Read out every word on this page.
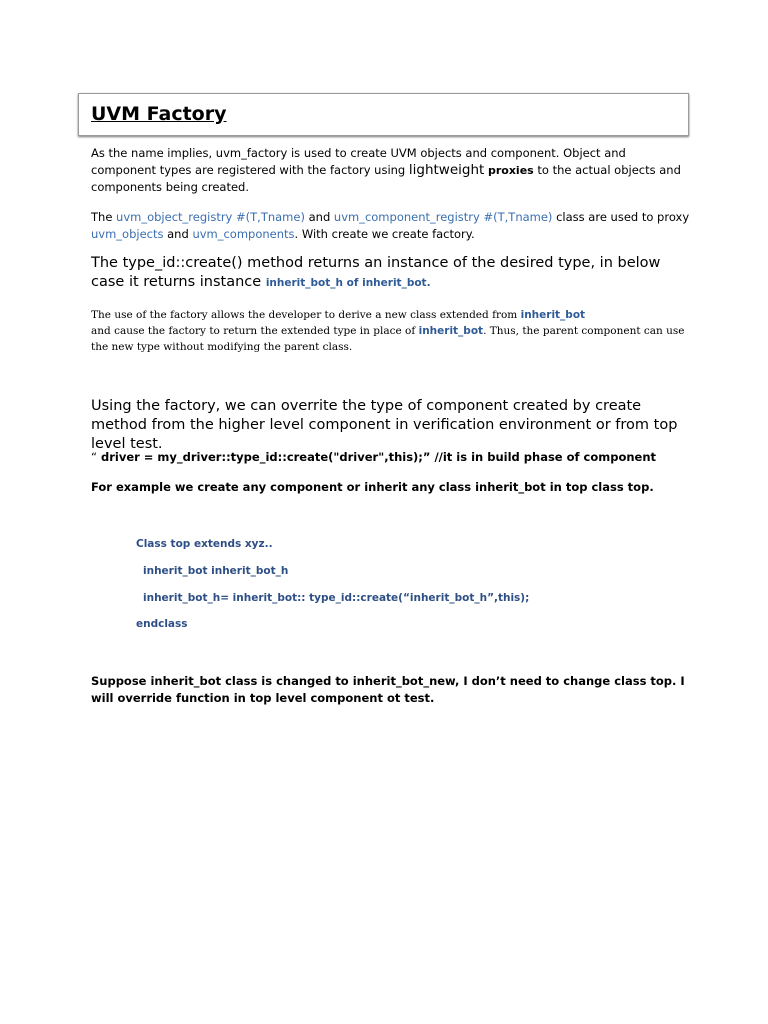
UVM Factory
As the name implies, uvm_factory is used to create UVM objects and component. Object and component types are registered with the factory using lightweight proxies to the actual objects and components being created.
The uvm_object_registry #(T,Tname) and uvm_component_registry #(T,Tname) class are used to proxy uvm_objects and uvm_components. With create we create factory.
The type_id::create() method returns an instance of the desired type, in below case it returns instance inherit_bot_h of inherit_bot.
The use of the factory allows the developer to derive a new class extended from inherit_bot
and cause the factory to return the extended type in place of inherit_bot. Thus, the parent component can use the new type without modifying the parent class.
Using the factory, we can overrite the type of component created by create method from the higher level component in verification environment or from top level test.
“ driver = my_driver::type_id::create("driver",this);” //it is in build phase of component
For example we create any component or inherit any class inherit_bot in top class top.
Class top extends xyz..
inherit_bot inherit_bot_h
inherit_bot_h= inherit_bot:: type_id::create(“inherit_bot_h”,this);
endclass
Suppose inherit_bot class is changed to inherit_bot_new, I don’t need to change class top. I will override function in top level component ot test.
